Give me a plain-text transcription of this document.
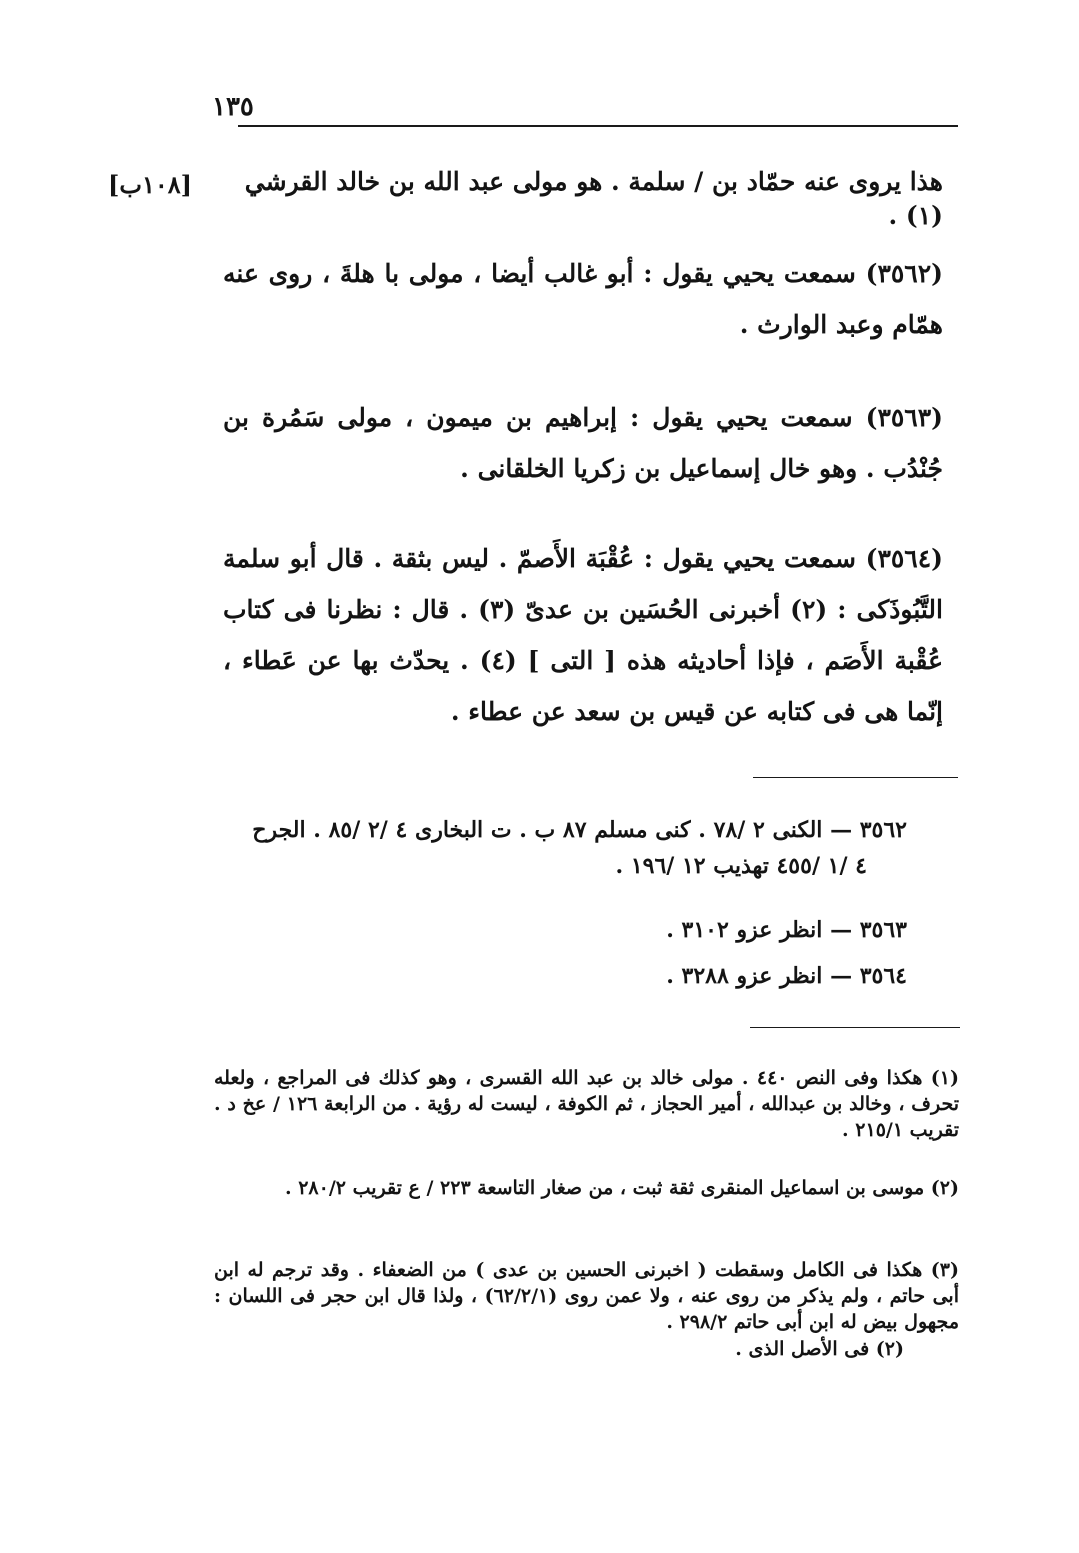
١٣٥
[١٠٨ب]	هذا يروى عنه حمّاد بن / سلمة . هو مولى عبد الله بن خالد القرشي (١) .

(٣٥٦٢) سمعت يحيي يقول : أبو غالب أيضا ، مولى با هلةَ ، روى عنه همّام وعبد الوارث .

(٣٥٦٣) سمعت يحيي يقول : إبراهيم بن ميمون ، مولى سَمُرة بن جُنْدُب . وهو خال إسماعيل بن زكريا الخلقانى .

(٣٥٦٤) سمعت يحيي يقول : عُقْبَة الأَصمّ . ليس بثقة . قال أبو سلمة التَّبُوذَكى : (٢) أخبرنى الحُسَين بن عدىّ (٣) . قال : نظرنا فى كتاب عُقْبة الأَصَم ، فإذا أحاديثه هذه [ التى ] (٤) . يحدّث بها عن عَطاء ، إنّما هى فى كتابه عن قيس بن سعد عن عطاء .

٣٥٦٢ — الكنى ٢ /٧٨ . كنى مسلم ٨٧ ب . ت البخارى ٤ /٢ /٨٥ . الجرح
٤ /١ /٤٥٥ تهذيب ١٢ /١٩٦ .
٣٥٦٣ — انظر عزو ٣١٠٢ .
٣٥٦٤ — انظر عزو ٣٢٨٨ .

(١) هكذا وفى النص ٤٤٠ . مولى خالد بن عبد الله القسرى ، وهو كذلك فى المراجع ، ولعله تحرف ، وخالد بن عبدالله ، أمير الحجاز ، ثم الكوفة ، ليست له رؤية . من الرابعة ١٢٦ / عخ د . تقريب ٢١٥/١ .

(٢) موسى بن اسماعيل المنقرى ثقة ثبت ، من صغار التاسعة ٢٢٣ / ع تقريب ٢٨٠/٢ .

(٣) هكذا فى الكامل وسقطت ( اخبرنى الحسين بن عدى ) من الضعفاء . وقد ترجم له ابن أبى حاتم ، ولم يذكر من روى عنه ، ولا عمن روى (٦٢/٢/١) ، ولذا قال ابن حجر فى اللسان : مجهول بيض له ابن أبى حاتم ٢٩٨/٢ .

(٢) فى الأصل الذى .
